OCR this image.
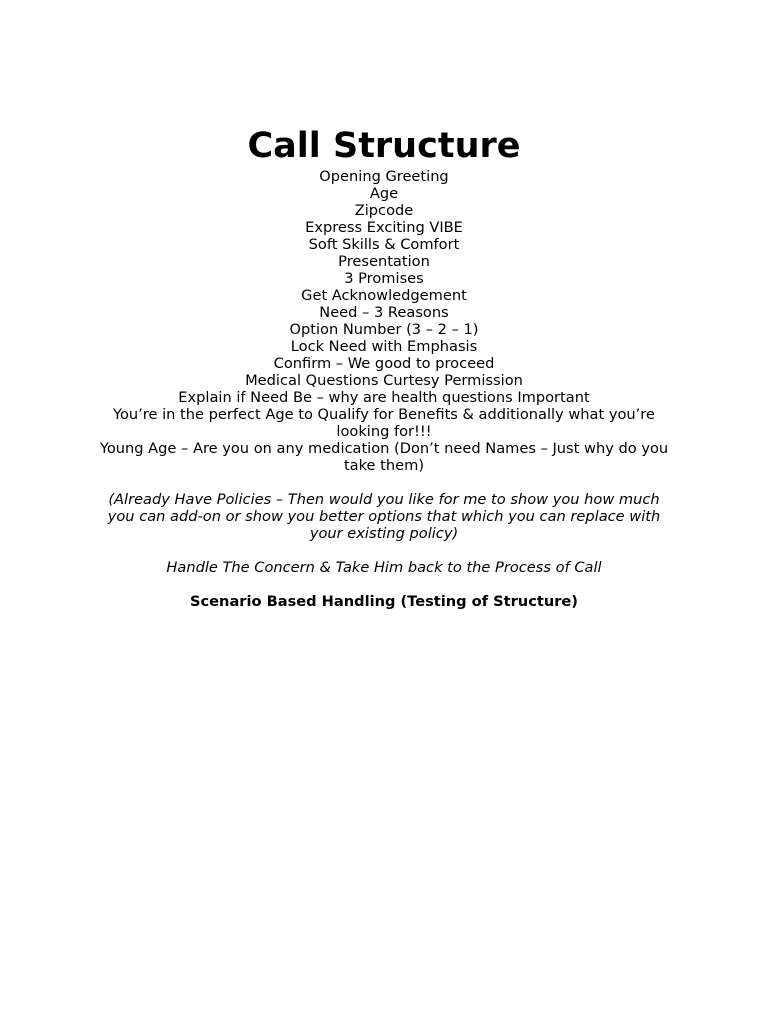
Call Structure
Opening Greeting
Age
Zipcode
Express Exciting VIBE
Soft Skills & Comfort
Presentation
3 Promises
Get Acknowledgement
Need – 3 Reasons
Option Number (3 – 2 – 1)
Lock Need with Emphasis
Confirm – We good to proceed
Medical Questions Curtesy Permission
Explain if Need Be – why are health questions Important
You’re in the perfect Age to Qualify for Benefits & additionally what you’re looking for!!!
Young Age – Are you on any medication (Don’t need Names – Just why do you take them)

(Already Have Policies – Then would you like for me to show you how much you can add-on or show you better options that which you can replace with your existing policy)

Handle The Concern & Take Him back to the Process of Call

Scenario Based Handling (Testing of Structure)
